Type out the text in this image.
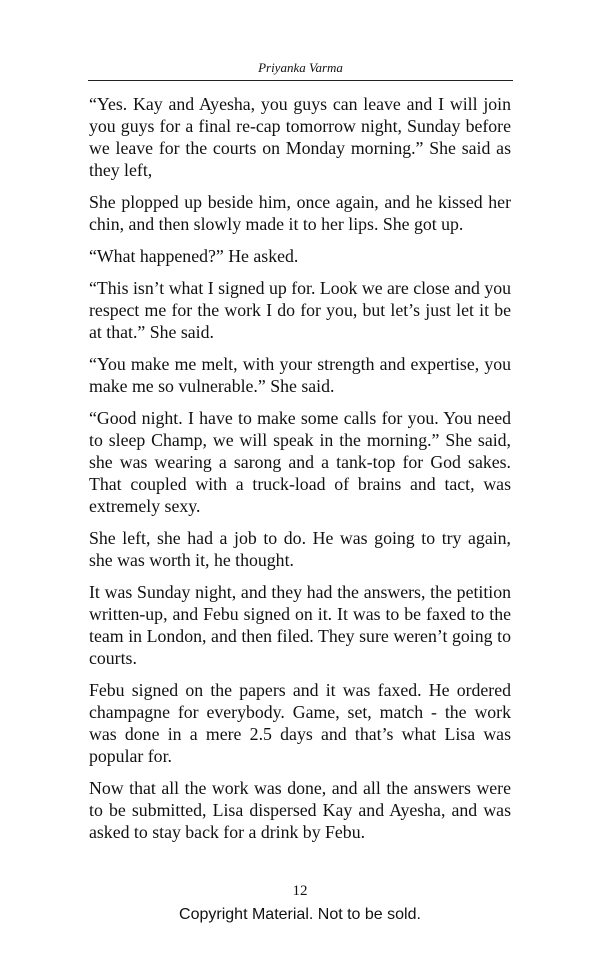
Priyanka Varma

“Yes. Kay and Ayesha, you guys can leave and I will join you guys for a final re-cap tomorrow night, Sunday before we leave for the courts on Monday morning.” She said as they left,

She plopped up beside him, once again, and he kissed her chin, and then slowly made it to her lips. She got up.

“What happened?” He asked.

“This isn’t what I signed up for. Look we are close and you respect me for the work I do for you, but let’s just let it be at that.” She said.

“You make me melt, with your strength and expertise, you make me so vulnerable.” She said.

“Good night. I have to make some calls for you. You need to sleep Champ, we will speak in the morning.” She said, she was wearing a sarong and a tank-top for God sakes. That coupled with a truck-load of brains and tact, was extremely sexy.

She left, she had a job to do. He was going to try again, she was worth it, he thought.

It was Sunday night, and they had the answers, the petition written-up, and Febu signed on it. It was to be faxed to the team in London, and then filed. They sure weren’t going to courts.

Febu signed on the papers and it was faxed. He ordered champagne for everybody. Game, set, match - the work was done in a mere 2.5 days and that’s what Lisa was popular for.

Now that all the work was done, and all the answers were to be submitted, Lisa dispersed Kay and Ayesha, and was asked to stay back for a drink by Febu.

12
Copyright Material. Not to be sold.
